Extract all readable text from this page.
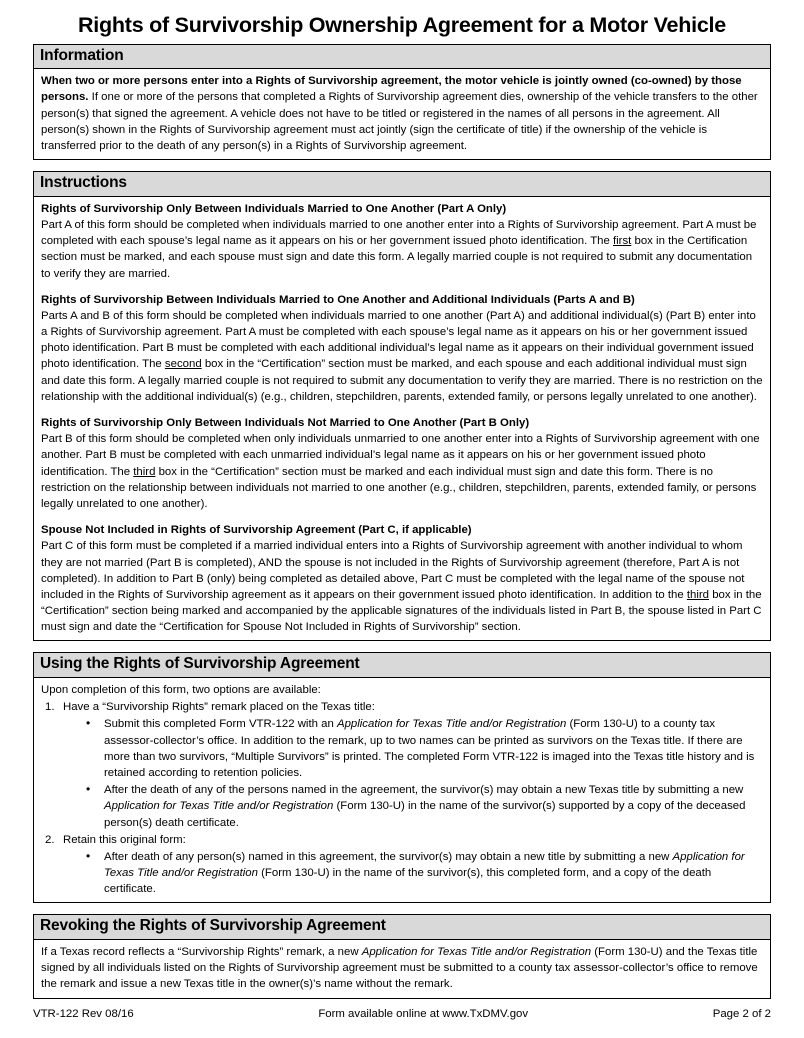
Rights of Survivorship Ownership Agreement for a Motor Vehicle
Information

When two or more persons enter into a Rights of Survivorship agreement, the motor vehicle is jointly owned (co-owned) by those persons. If one or more of the persons that completed a Rights of Survivorship agreement dies, ownership of the vehicle transfers to the other person(s) that signed the agreement. A vehicle does not have to be titled or registered in the names of all persons in the agreement. All person(s) shown in the Rights of Survivorship agreement must act jointly (sign the certificate of title) if the ownership of the vehicle is transferred prior to the death of any person(s) in a Rights of Survivorship agreement.

Instructions

Rights of Survivorship Only Between Individuals Married to One Another (Part A Only)

Part A of this form should be completed when individuals married to one another enter into a Rights of Survivorship agreement. Part A must be completed with each spouse’s legal name as it appears on his or her government issued photo identification. The first box in the Certification section must be marked, and each spouse must sign and date this form. A legally married couple is not required to submit any documentation to verify they are married.

Rights of Survivorship Between Individuals Married to One Another and Additional Individuals (Parts A and B)

Parts A and B of this form should be completed when individuals married to one another (Part A) and additional individual(s) (Part B) enter into a Rights of Survivorship agreement. Part A must be completed with each spouse’s legal name as it appears on his or her government issued photo identification. Part B must be completed with each additional individual’s legal name as it appears on their individual government issued photo identification. The second box in the “Certification” section must be marked, and each spouse and each additional individual must sign and date this form. A legally married couple is not required to submit any documentation to verify they are married. There is no restriction on the relationship with the additional individual(s) (e.g., children, stepchildren, parents, extended family, or persons legally unrelated to one another).

Rights of Survivorship Only Between Individuals Not Married to One Another (Part B Only)

Part B of this form should be completed when only individuals unmarried to one another enter into a Rights of Survivorship agreement with one another. Part B must be completed with each unmarried individual’s legal name as it appears on his or her government issued photo identification. The third box in the “Certification” section must be marked and each individual must sign and date this form. There is no restriction on the relationship between individuals not married to one another (e.g., children, stepchildren, parents, extended family, or persons legally unrelated to one another).

Spouse Not Included in Rights of Survivorship Agreement (Part C, if applicable)

Part C of this form must be completed if a married individual enters into a Rights of Survivorship agreement with another individual to whom they are not married (Part B is completed), AND the spouse is not included in the Rights of Survivorship agreement (therefore, Part A is not completed). In addition to Part B (only) being completed as detailed above, Part C must be completed with the legal name of the spouse not included in the Rights of Survivorship agreement as it appears on their government issued photo identification. In addition to the third box in the “Certification” section being marked and accompanied by the applicable signatures of the individuals listed in Part B, the spouse listed in Part C must sign and date the “Certification for Spouse Not Included in Rights of Survivorship” section.

Using the Rights of Survivorship Agreement

Upon completion of this form, two options are available:

1. Have a “Survivorship Rights” remark placed on the Texas title:
• Submit this completed Form VTR-122 with an Application for Texas Title and/or Registration (Form 130-U) to a county tax assessor-collector’s office. In addition to the remark, up to two names can be printed as survivors on the Texas title. If there are more than two survivors, “Multiple Survivors” is printed. The completed Form VTR-122 is imaged into the Texas title history and is retained according to retention policies.
• After the death of any of the persons named in the agreement, the survivor(s) may obtain a new Texas title by submitting a new Application for Texas Title and/or Registration (Form 130-U) in the name of the survivor(s) supported by a copy of the deceased person(s) death certificate.
2. Retain this original form:
• After death of any person(s) named in this agreement, the survivor(s) may obtain a new title by submitting a new Application for Texas Title and/or Registration (Form 130-U) in the name of the survivor(s), this completed form, and a copy of the death certificate.
Revoking the Rights of Survivorship Agreement

If a Texas record reflects a “Survivorship Rights” remark, a new Application for Texas Title and/or Registration (Form 130-U) and the Texas title signed by all individuals listed on the Rights of Survivorship agreement must be submitted to a county tax assessor-collector’s office to remove the remark and issue a new Texas title in the owner(s)’s name without the remark.

VTR-122 Rev 08/16	Form available online at www.TxDMV.gov	Page 2 of 2
